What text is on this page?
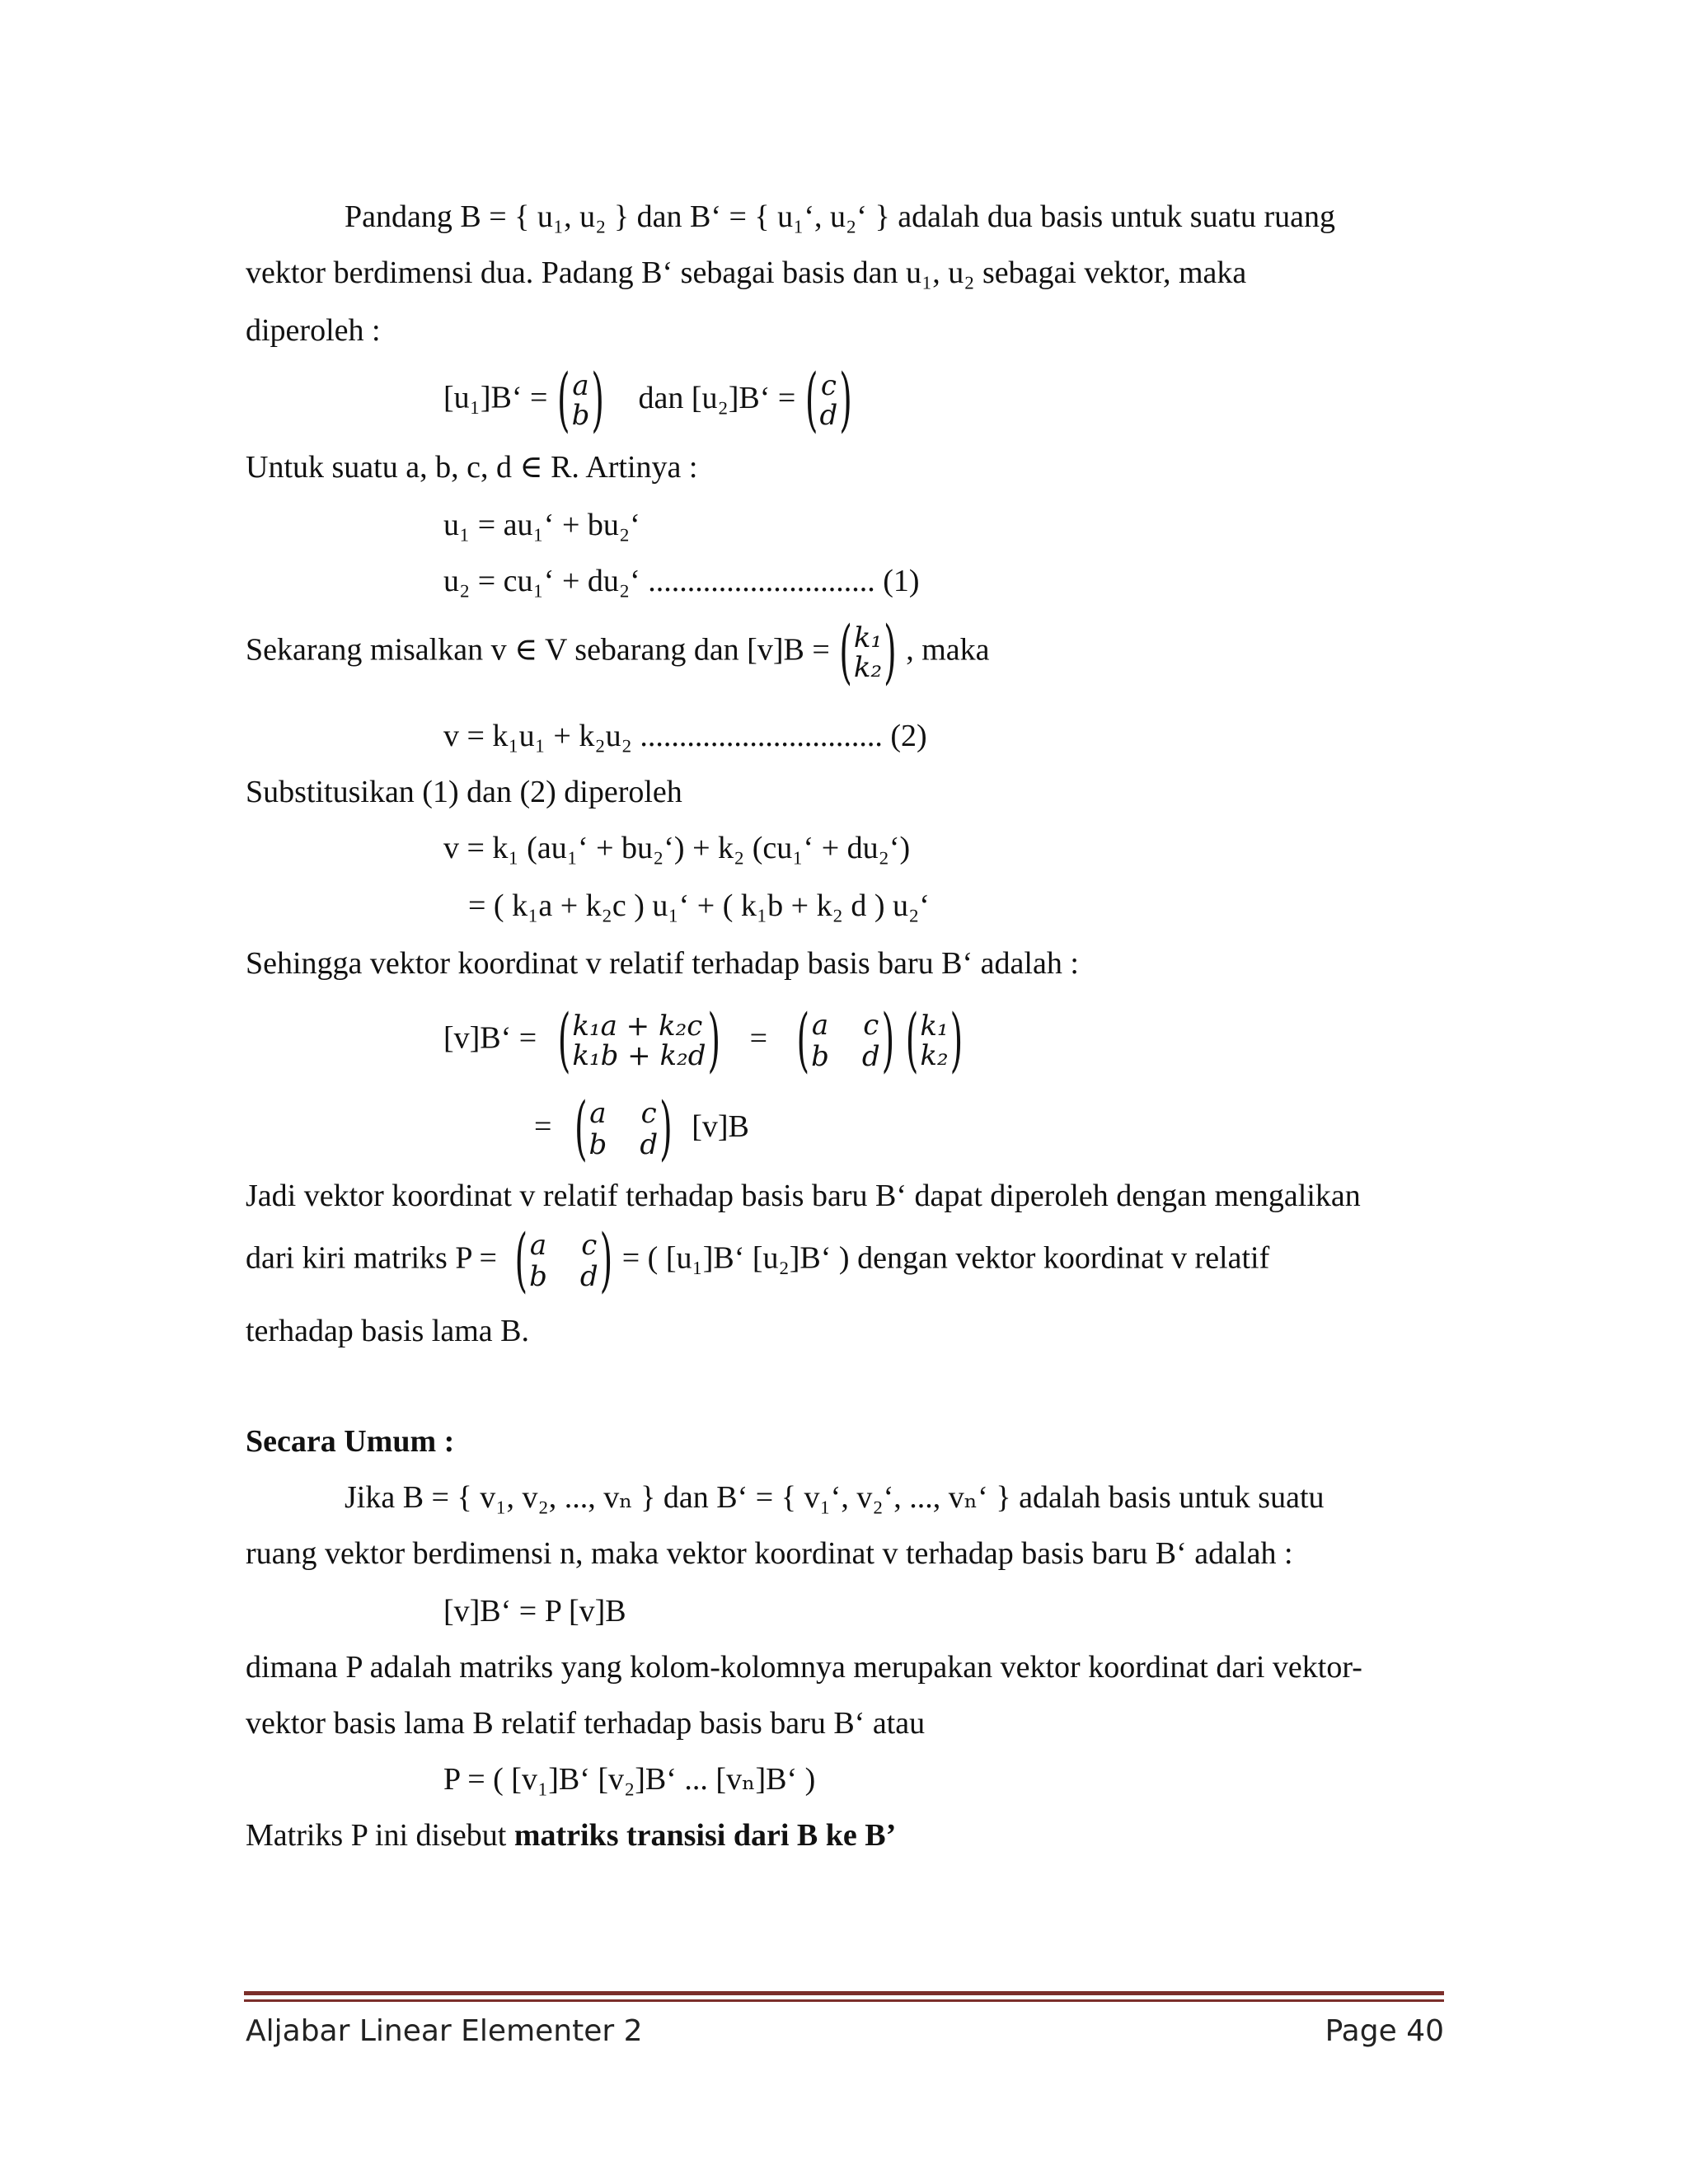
Pandang B = { u₁, u₂ } dan B‘ = { u₁‘, u₂‘ } adalah dua basis untuk suatu ruang
vektor berdimensi dua. Padang B‘ sebagai basis dan u₁, u₂ sebagai vektor, maka
diperoleh :
[u₁]B‘ = ( a
b ) dan [u₂]B‘ = ( c
d )
Untuk suatu a, b, c, d ∈ R. Artinya :
u₁ = au₁‘ + bu₂‘
u₂ = cu₁‘ + du₂‘ ............................. (1)
Sekarang misalkan v ∈ V sebarang dan [v]B = ( k₁
k₂ ) , maka
v = k₁u₁ + k₂u₂ ............................... (2)
Substitusikan (1) dan (2) diperoleh
v = k₁ (au₁‘ + bu₂‘) + k₂ (cu₁‘ + du₂‘)
= ( k₁a + k₂c ) u₁‘ + ( k₁b + k₂ d ) u₂‘
Sehingga vektor koordinat v relatif terhadap basis baru B‘ adalah :
[v]B‘ = ( k₁a + k₂c
k₁b + k₂d ) = ( a c
b d )
( k₁
k₂ )
= ( a c
b d ) [v]B
Jadi vektor koordinat v relatif terhadap basis baru B‘ dapat diperoleh dengan mengalikan
dari kiri matriks P = ( a c
b d ) = ( [u₁]B‘ [u₂]B‘ ) dengan vektor koordinat v relatif
terhadap basis lama B.
Secara Umum :
Jika B = { v₁, v₂, ..., vₙ } dan B‘ = { v₁‘, v₂‘, ..., vₙ‘ } adalah basis untuk suatu
ruang vektor berdimensi n, maka vektor koordinat v terhadap basis baru B‘ adalah :
[v]B‘ = P [v]B
dimana P adalah matriks yang kolom-kolomnya merupakan vektor koordinat dari vektor-
vektor basis lama B relatif terhadap basis baru B‘ atau
P = ( [v₁]B‘ [v₂]B‘ ... [vₙ]B‘ )
Matriks P ini disebut matriks transisi dari B ke B’
Aljabar Linear Elementer 2	Page 40
